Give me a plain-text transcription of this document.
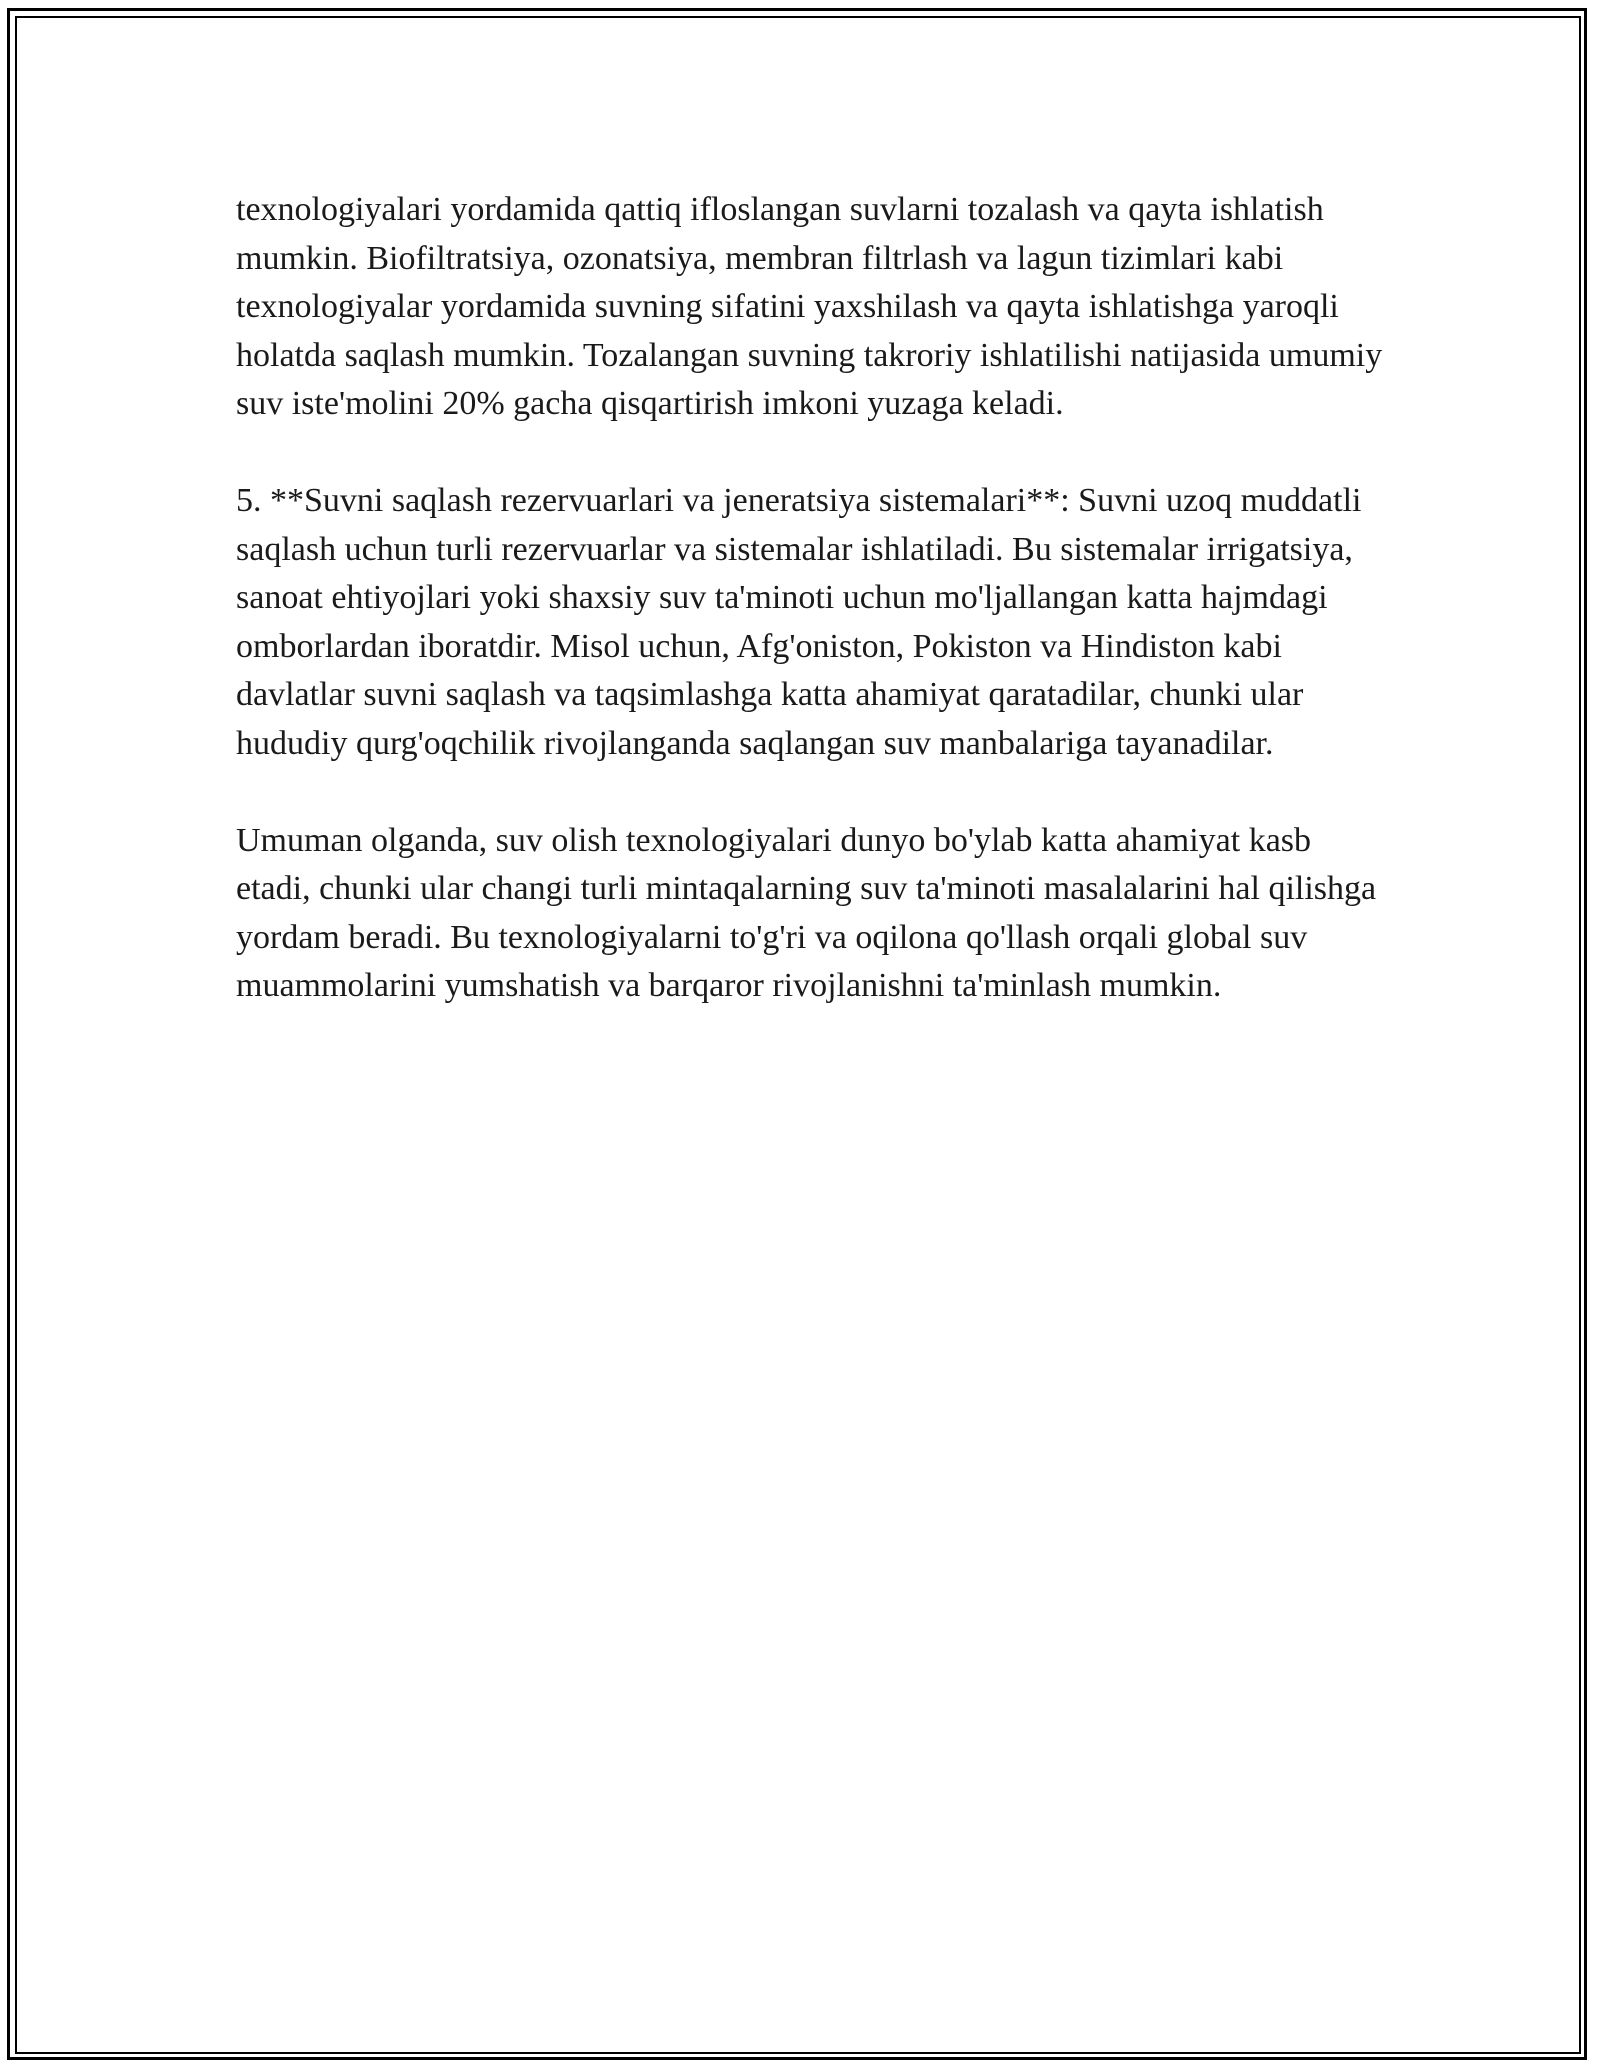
texnologiyalari yordamida qattiq ifloslangan suvlarni tozalash va qayta ishlatish mumkin. Biofiltratsiya, ozonatsiya, membran filtrlash va lagun tizimlari kabi texnologiyalar yordamida suvning sifatini yaxshilash va qayta ishlatishga yaroqli holatda saqlash mumkin. Tozalangan suvning takroriy ishlatilishi natijasida umumiy suv iste'molini 20% gacha qisqartirish imkoni yuzaga keladi.

5. **Suvni saqlash rezervuarlari va jeneratsiya sistemalari**: Suvni uzoq muddatli saqlash uchun turli rezervuarlar va sistemalar ishlatiladi. Bu sistemalar irrigatsiya, sanoat ehtiyojlari yoki shaxsiy suv ta'minoti uchun mo'ljallangan katta hajmdagi omborlardan iboratdir. Misol uchun, Afg'oniston, Pokiston va Hindiston kabi davlatlar suvni saqlash va taqsimlashga katta ahamiyat qaratadilar, chunki ular hududiy qurg'oqchilik rivojlanganda saqlangan suv manbalariga tayanadilar.

Umuman olganda, suv olish texnologiyalari dunyo bo'ylab katta ahamiyat kasb etadi, chunki ular changi turli mintaqalarning suv ta'minoti masalalarini hal qilishga yordam beradi. Bu texnologiyalarni to'g'ri va oqilona qo'llash orqali global suv muammolarini yumshatish va barqaror rivojlanishni ta'minlash mumkin.
